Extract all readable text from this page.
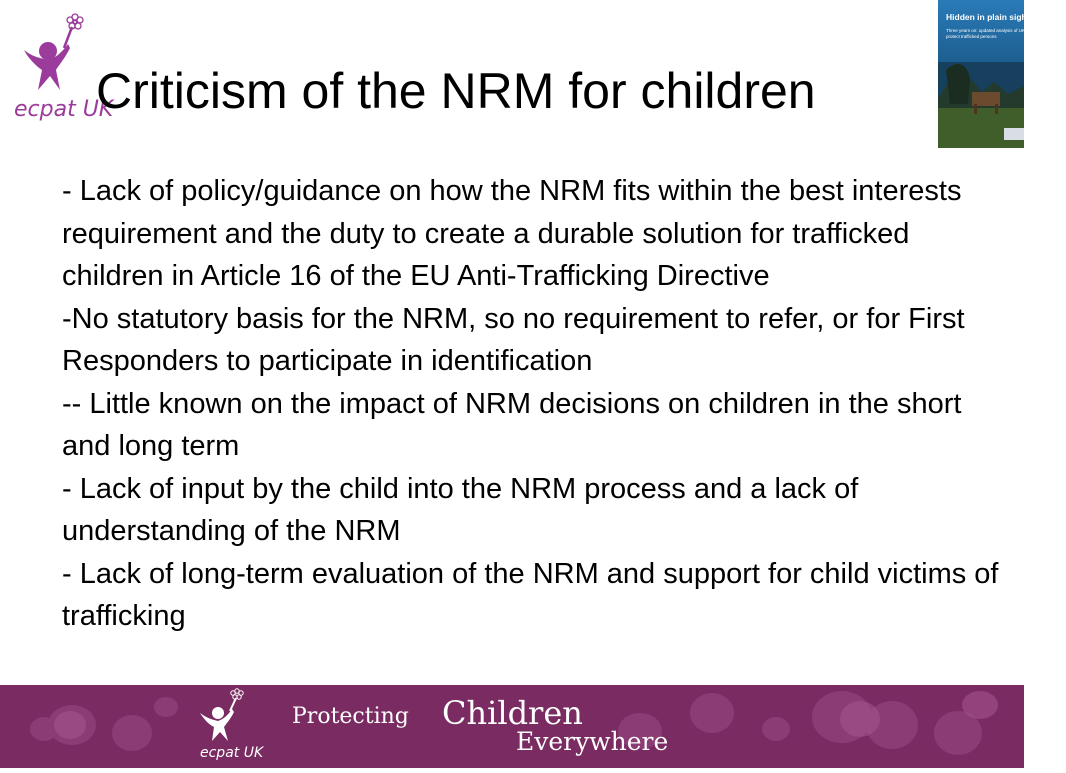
ecpat UK
Criticism of the NRM for children
Hidden in plain sight
Three years on: updated analysis of UK measures to protect trafficked persons

- Lack of policy/guidance on how the NRM fits within the best interests requirement and the duty to create a durable solution for trafficked children in Article 16 of the EU Anti-Trafficking Directive

-No statutory basis for the NRM, so no requirement to refer, or for First Responders to participate in identification

-- Little known on the impact of NRM decisions on children in the short and long term

- Lack of input by the child into the NRM process and a lack of understanding of the NRM

- Lack of long-term evaluation of the NRM and support for child victims of trafficking

ecpat UK
Protecting Children
Everywhere
